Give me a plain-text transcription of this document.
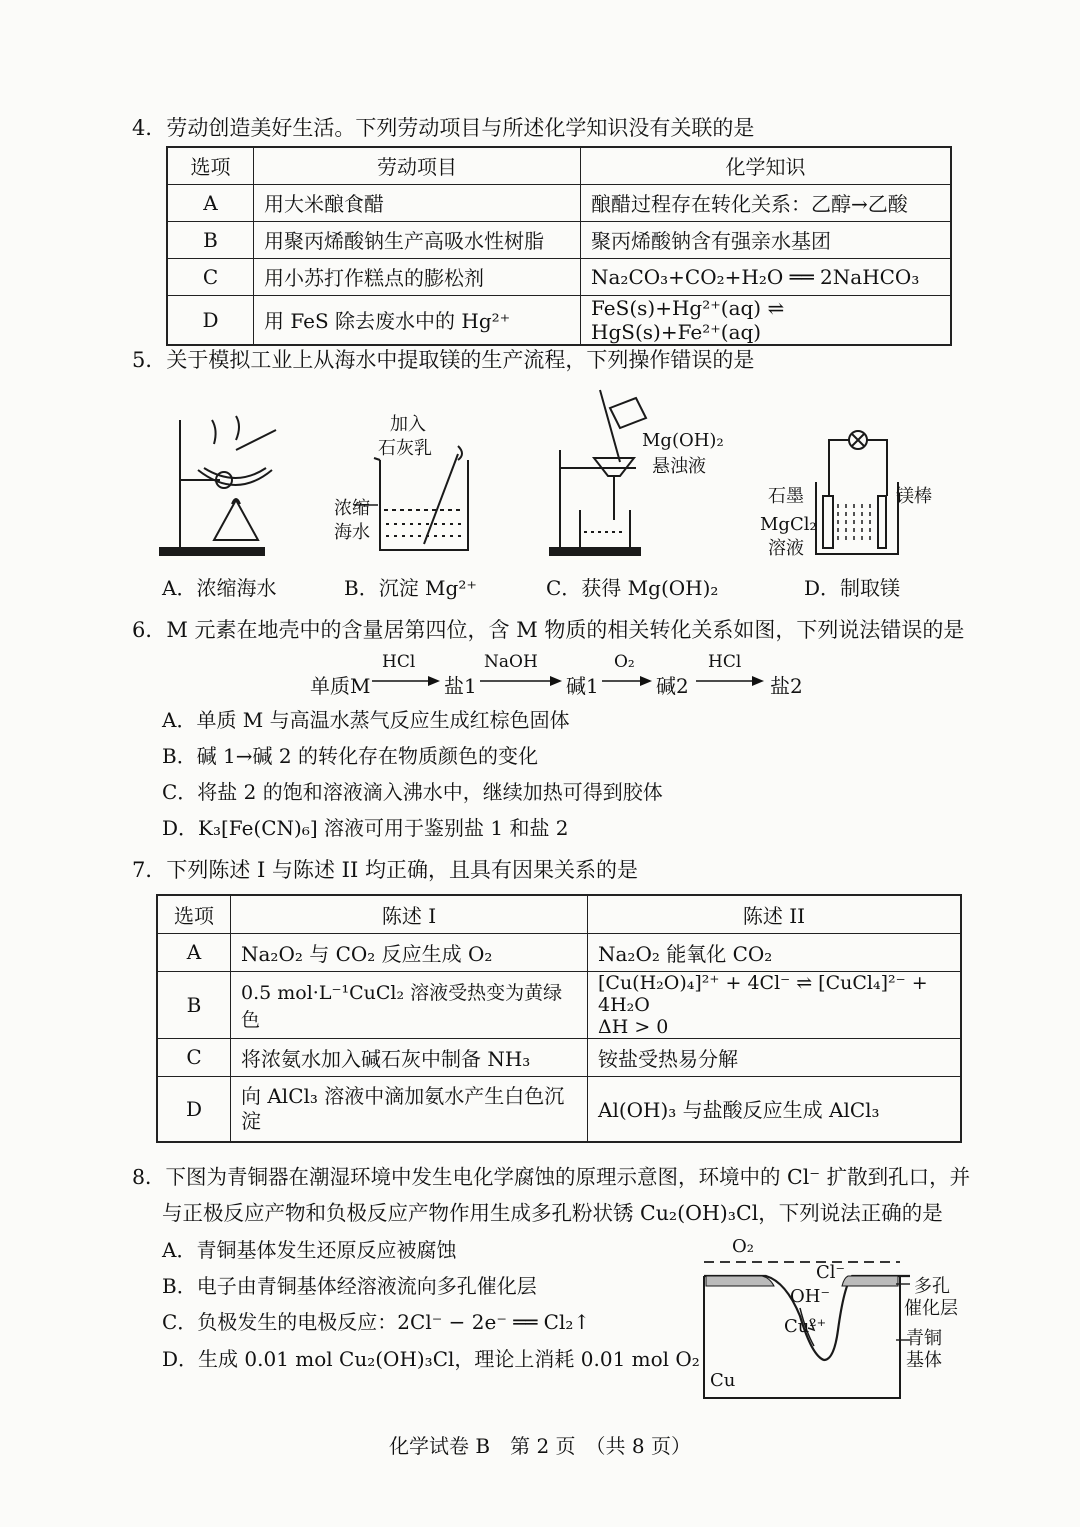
4．劳动创造美好生活。下列劳动项目与所述化学知识没有关联的是
选项	劳动项目	化学知识
A	用大米酿食醋	酿醋过程存在转化关系：乙醇→乙酸
B	用聚丙烯酸钠生产高吸水性树脂	聚丙烯酸钠含有强亲水基团
C	用小苏打作糕点的膨松剂	Na₂CO₃+CO₂+H₂O ══ 2NaHCO₃
D	用 FeS 除去废水中的 Hg²⁺	FeS(s)+Hg²⁺(aq) ⇌ HgS(s)+Fe²⁺(aq)
5．关于模拟工业上从海水中提取镁的生产流程，下列操作错误的是
加入
石灰乳
浓缩
海水
Mg(OH)₂
悬浊液
石墨	镁棒
MgCl₂
溶液
A．浓缩海水	B．沉淀 Mg²⁺	C．获得 Mg(OH)₂	D．制取镁
6．M 元素在地壳中的含量居第四位，含 M 物质的相关转化关系如图，下列说法错误的是
单质M
HCl
盐1
NaOH
碱1
O₂
碱2
HCl
盐2
A．单质 M 与高温水蒸气反应生成红棕色固体
B．碱 1→碱 2 的转化存在物质颜色的变化
C．将盐 2 的饱和溶液滴入沸水中，继续加热可得到胶体
D．K₃[Fe(CN)₆] 溶液可用于鉴别盐 1 和盐 2
7．下列陈述 I 与陈述 II 均正确，且具有因果关系的是
选项	陈述 I	陈述 II
A	Na₂O₂ 与 CO₂ 反应生成 O₂	Na₂O₂ 能氧化 CO₂
B	0.5 mol·L⁻¹CuCl₂ 溶液受热变为黄绿色	[Cu(H₂O)₄]²⁺ + 4Cl⁻ ⇌ [CuCl₄]²⁻ + 4H₂O
ΔH > 0

C	将浓氨水加入碱石灰中制备 NH₃	铵盐受热易分解
D	向 AlCl₃ 溶液中滴加氨水产生白色沉淀	Al(OH)₃ 与盐酸反应生成 AlCl₃
8．下图为青铜器在潮湿环境中发生电化学腐蚀的原理示意图，环境中的 Cl⁻ 扩散到孔口，并
与正极反应产物和负极反应产物作用生成多孔粉状锈 Cu₂(OH)₃Cl，下列说法正确的是
A．青铜基体发生还原反应被腐蚀
B．电子由青铜基体经溶液流向多孔催化层
C．负极发生的电极反应：2Cl⁻ − 2e⁻ ══ Cl₂↑
D．生成 0.01 mol Cu₂(OH)₃Cl，理论上消耗 0.01 mol O₂
O₂
Cl⁻
OH⁻
Cu²⁺
Cu
多孔
催化层
青铜
基体
化学试卷 B　第 2 页　（共 8 页）
